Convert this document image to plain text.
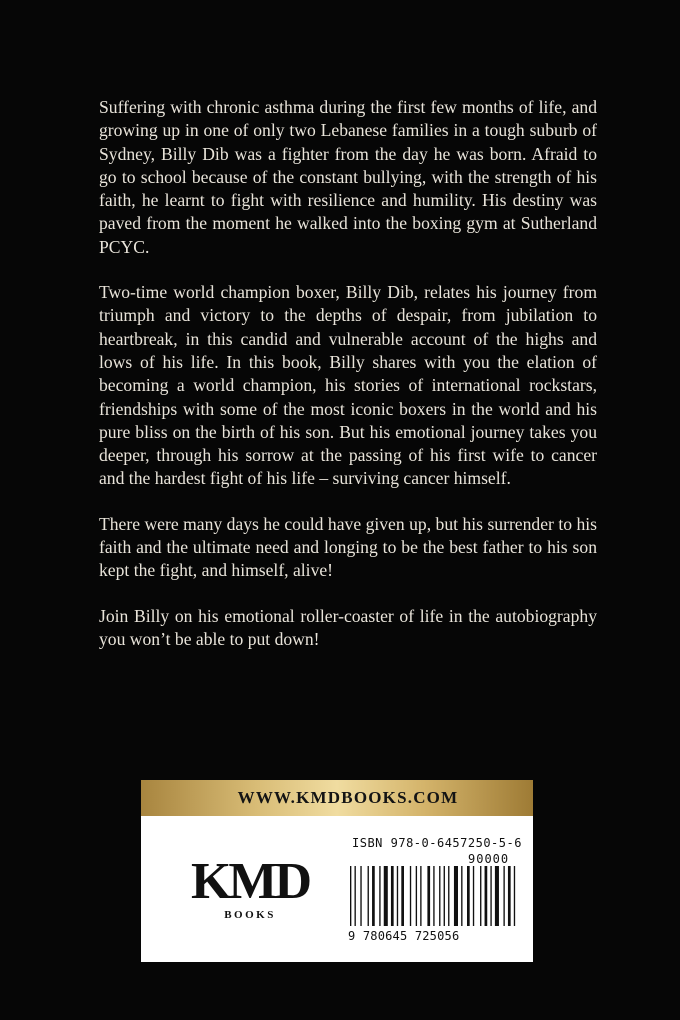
Suffering with chronic asthma during the first few months of life, and growing up in one of only two Lebanese families in a tough suburb of Sydney, Billy Dib was a fighter from the day he was born. Afraid to go to school because of the constant bullying, with the strength of his faith, he learnt to fight with resilience and humility. His destiny was paved from the moment he walked into the boxing gym at Sutherland PCYC.

Two-time world champion boxer, Billy Dib, relates his journey from triumph and victory to the depths of despair, from jubilation to heartbreak, in this candid and vulnerable account of the highs and lows of his life. In this book, Billy shares with you the elation of becoming a world champion, his stories of international rockstars, friendships with some of the most iconic boxers in the world and his pure bliss on the birth of his son. But his emotional journey takes you deeper, through his sorrow at the passing of his first wife to cancer and the hardest fight of his life – surviving cancer himself.

There were many days he could have given up, but his surrender to his faith and the ultimate need and longing to be the best father to his son kept the fight, and himself, alive!

Join Billy on his emotional roller-coaster of life in the autobiography you won’t be able to put down!

WWW.KMDBOOKS.COM
KMD
BOOKS
ISBN 978-0-6457250-5-6
90000
9 780645 725056
